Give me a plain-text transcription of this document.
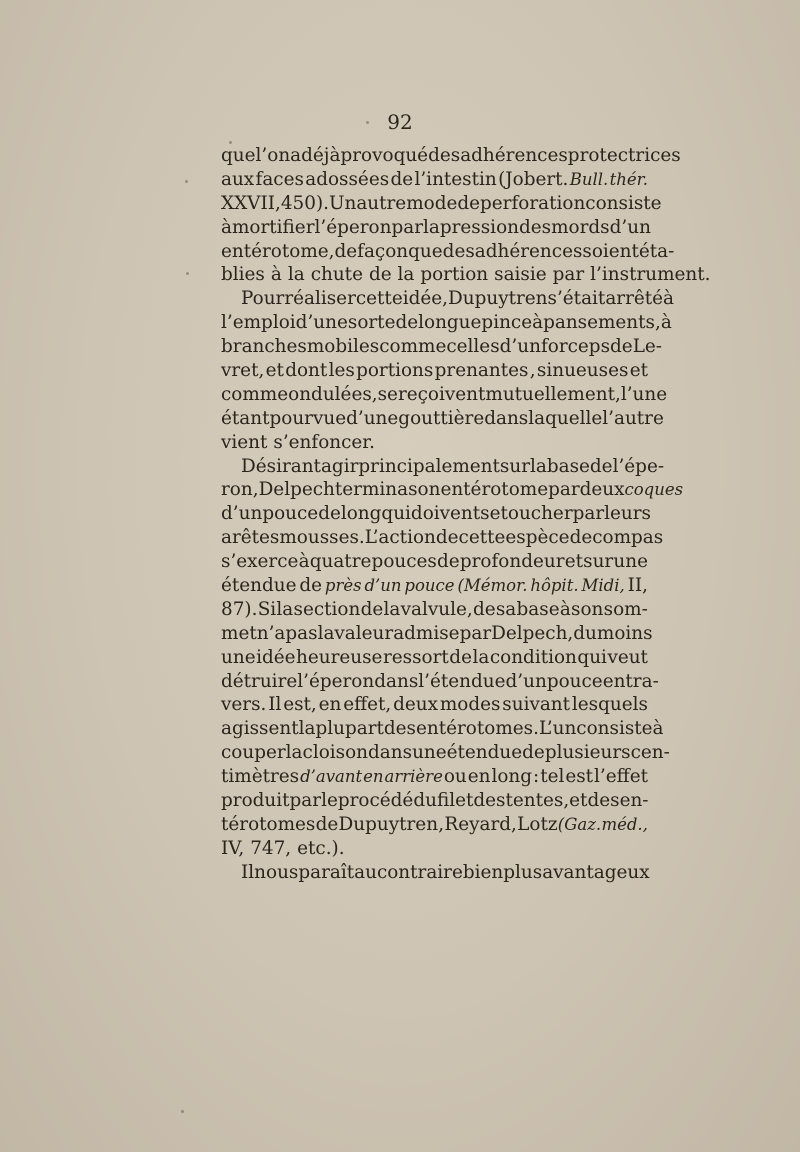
92
que l’on a déjà provoqué des adhérences protectrices
aux faces adossées de l’intestin (Jobert. Bull. thér.
XXVII, 450). Un autre mode de perforation consiste
à mortifier l’éperon par la pression des mords d’un
entérotome, de façon que des adhérences soient éta-
blies à la chute de la portion saisie par l’instrument.
Pour réaliser cette idée, Dupuytren s’était arrêté à
l’emploi d’une sorte de longue pince à pansements, à
branches mobiles comme celles d’un forceps de Le-
vret, et dont les portions prenantes , sinueuses et
comme ondulées, se reçoivent mutuellement, l’une
étant pourvue d’une gouttière dans laquelle l’autre
vient s’enfoncer.
Désirant agir principalement sur la base de l’épe-
ron, Delpech termina son entérotome par deux coques
d’un pouce de long qui doivent se toucher par leurs
arêtes mousses. L’action de cette espèce de compas
s’exerce à quatre pouces de profondeur et sur une
étendue de près d’un pouce (Mémor. hôpit. Midi, II,
87). Si la section de la valvule, de sa base à son som-
met n’a pas la valeur admise par Delpech, du moins
une idée heureuse ressort de la condition qui veut
détruire l’éperon dans l’étendue d’un pouce en tra-
vers. Il est, en effet, deux modes suivant lesquels
agissent la plupart des entérotomes. L’un consiste à
couper la cloison dans une étendue de plusieurs cen-
timètres d’avant en arrière ou en long : tel est l’effet
produit par le procédé du fil et des tentes, et des en-
térotomes de Dupuytren , Reyard, Lotz (Gaz. méd.,
IV, 747, etc.).
Il nous paraît au contraire bien plus avantageux
